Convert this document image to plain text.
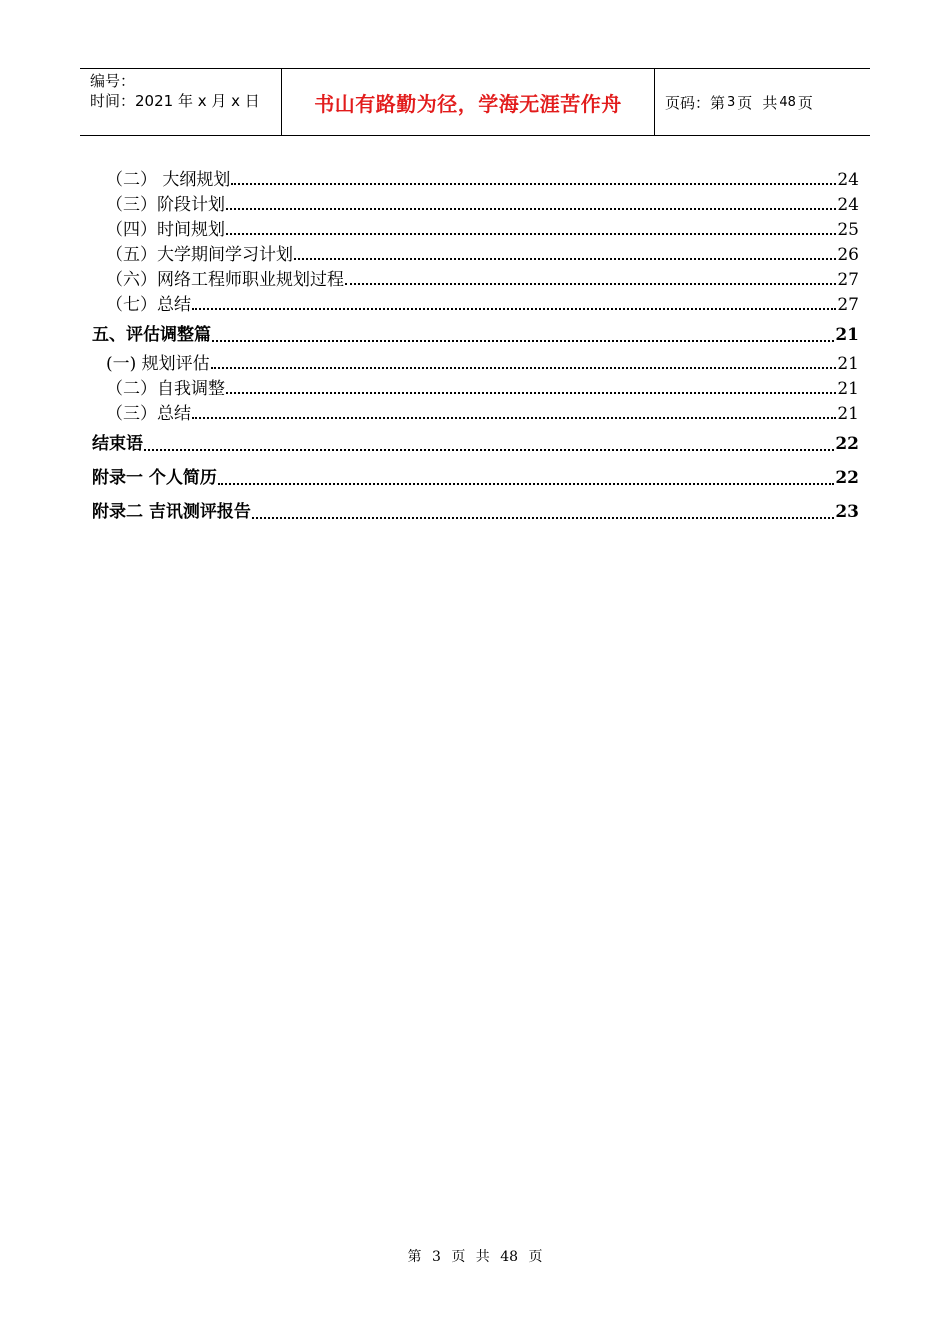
编号：
时间：2021 年 x 月 x 日	书山有路勤为径，学海无涯苦作舟	页码：第 3 页 共 48 页
（二） 大纲规划	24
（三）阶段计划	24
（四）时间规划	25
（五）大学期间学习计划	26
（六）网络工程师职业规划过程	27
（七）总结	27
五、评估调整篇	21
(一) 规划评估	21
（二）自我调整	21
（三）总结	21
结束语	22
附录一 个人简历	22
附录二 吉讯测评报告	23
第 3 页 共 48 页
